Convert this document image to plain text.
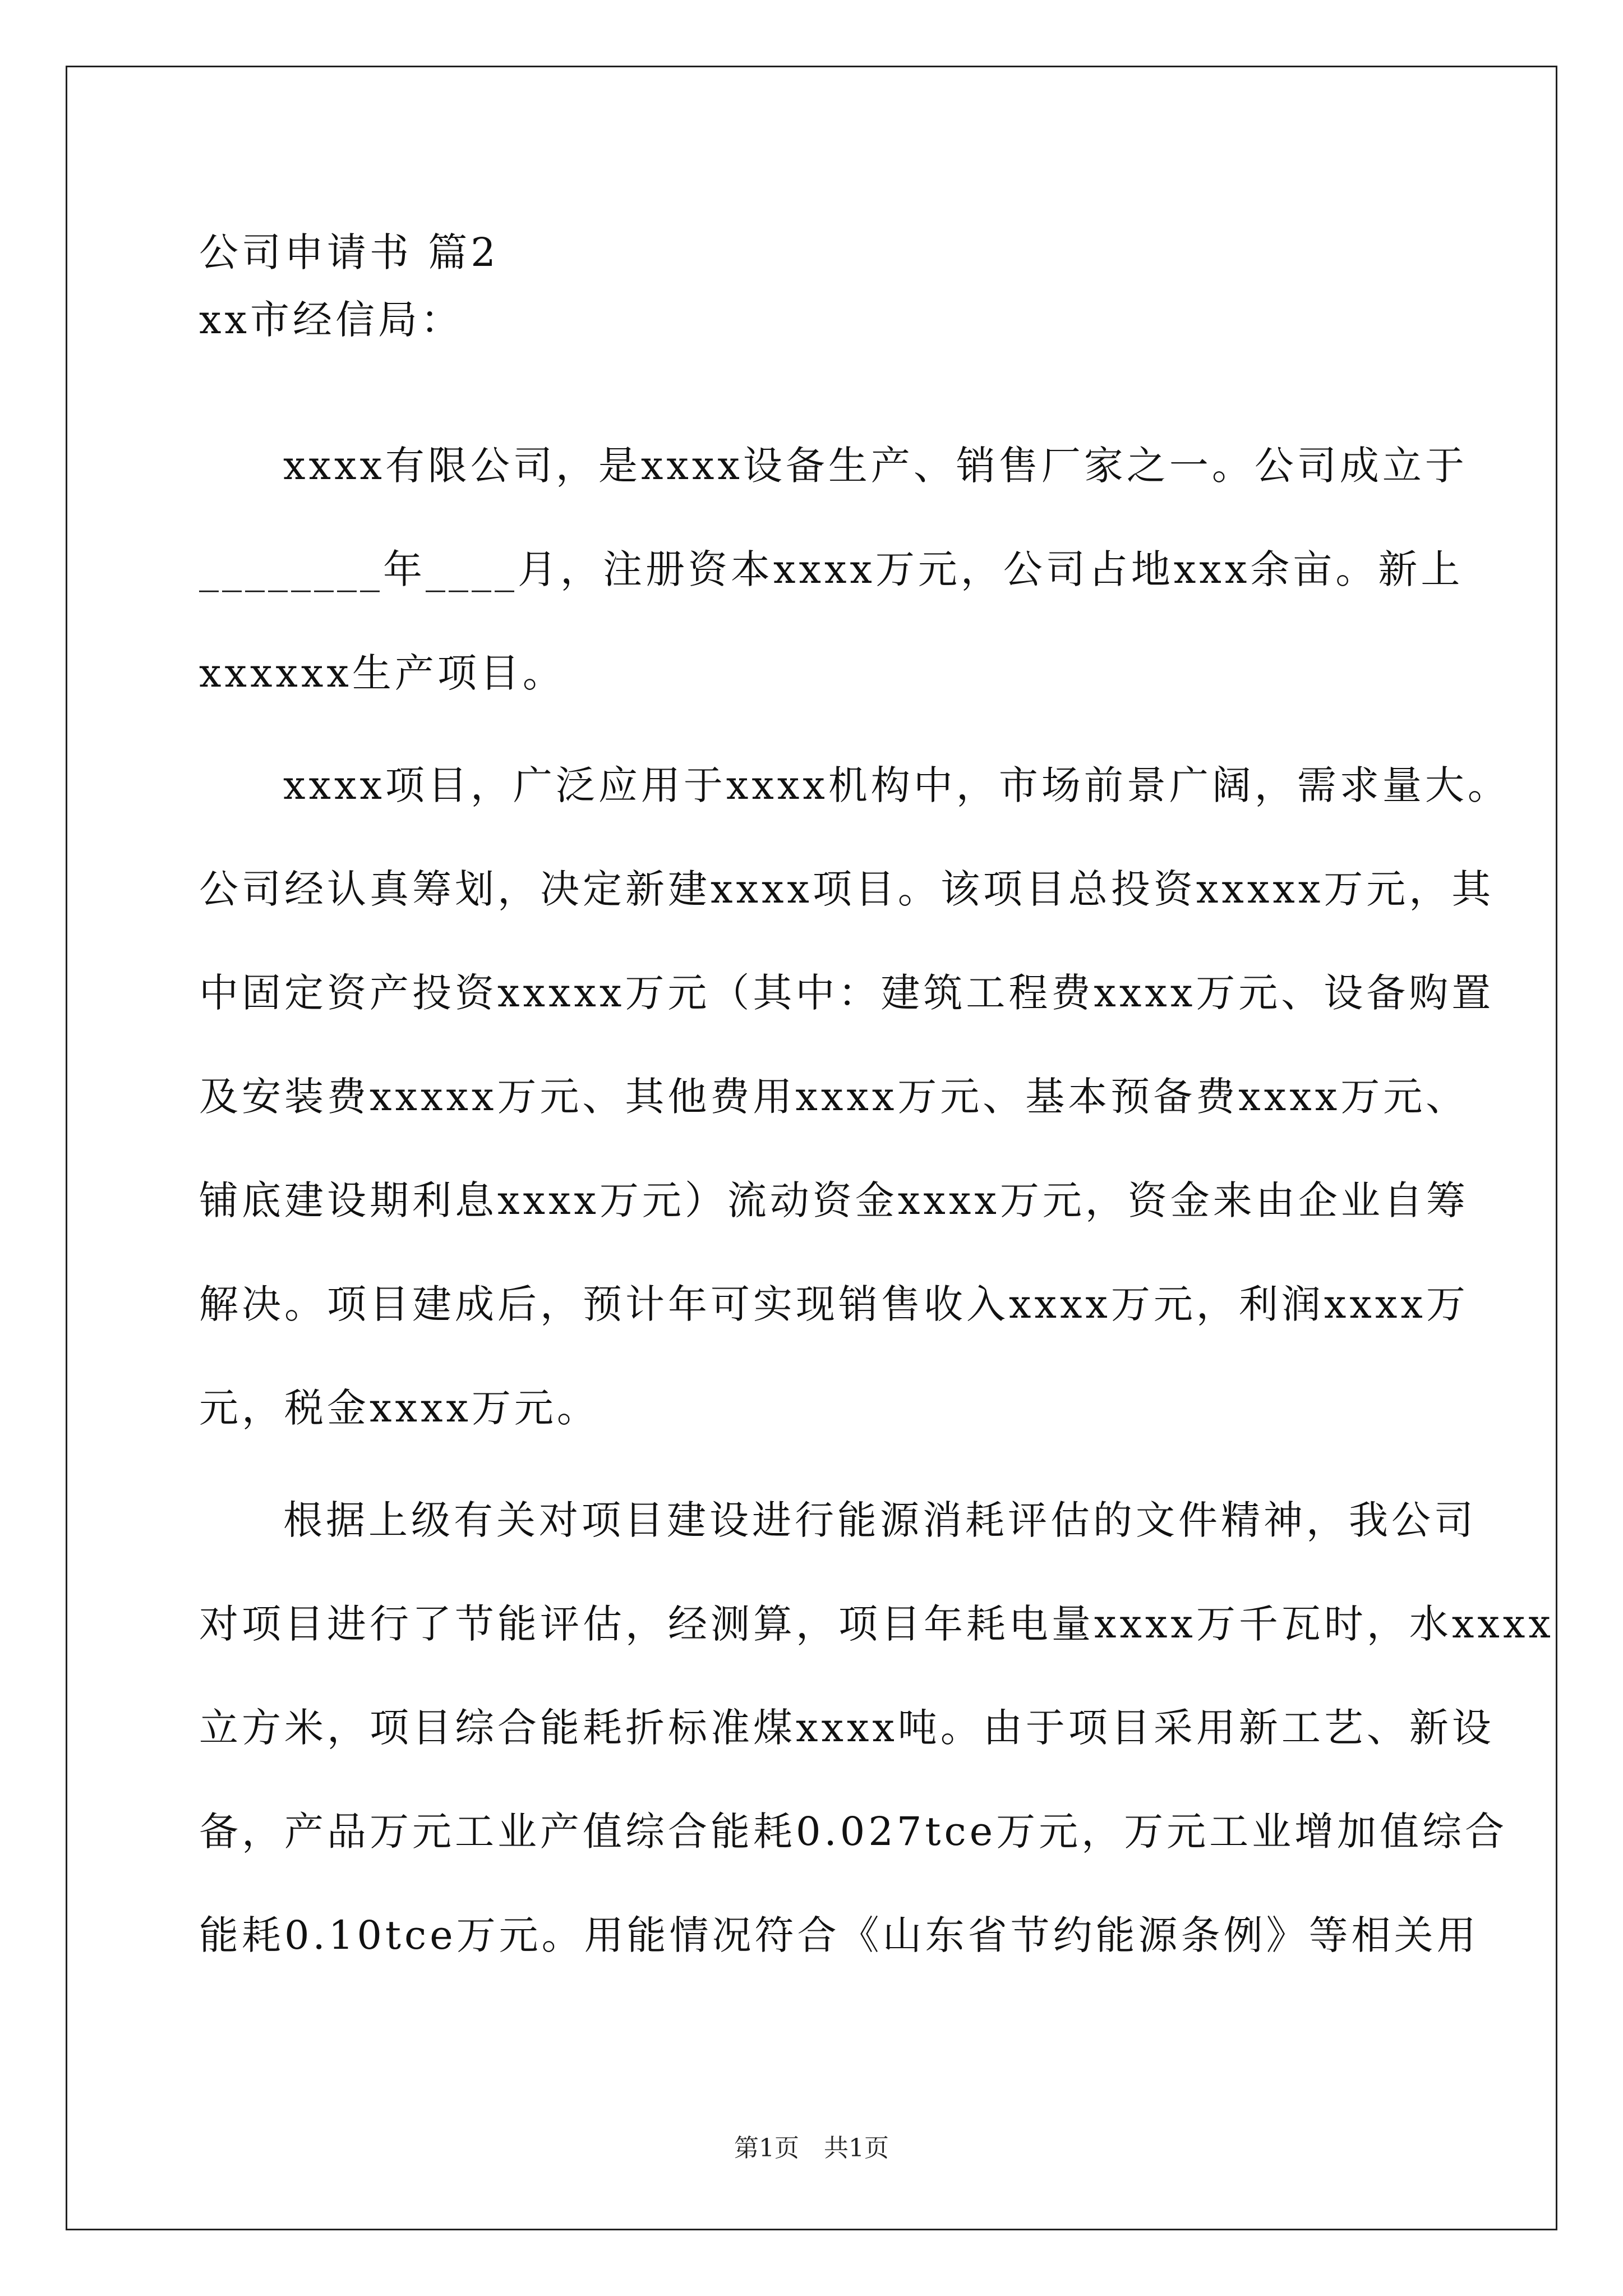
公司申请书 篇2
xx市经信局：
xxxx有限公司，是xxxx设备生产、销售厂家之一。公司成立于
________年____月，注册资本xxxx万元，公司占地xxx余亩。新上
xxxxxx生产项目。
xxxx项目，广泛应用于xxxx机构中，市场前景广阔，需求量大。
公司经认真筹划，决定新建xxxx项目。该项目总投资xxxxx万元，其
中固定资产投资xxxxx万元（其中：建筑工程费xxxx万元、设备购置
及安装费xxxxx万元、其他费用xxxx万元、基本预备费xxxx万元、
铺底建设期利息xxxx万元）流动资金xxxx万元，资金来由企业自筹
解决。项目建成后，预计年可实现销售收入xxxx万元，利润xxxx万
元，税金xxxx万元。
根据上级有关对项目建设进行能源消耗评估的文件精神，我公司
对项目进行了节能评估，经测算，项目年耗电量xxxx万千瓦时，水xxxx
立方米，项目综合能耗折标准煤xxxx吨。由于项目采用新工艺、新设
备，产品万元工业产值综合能耗0.027tce万元，万元工业增加值综合
能耗0.10tce万元。用能情况符合《山东省节约能源条例》等相关用
第1页 共1页
